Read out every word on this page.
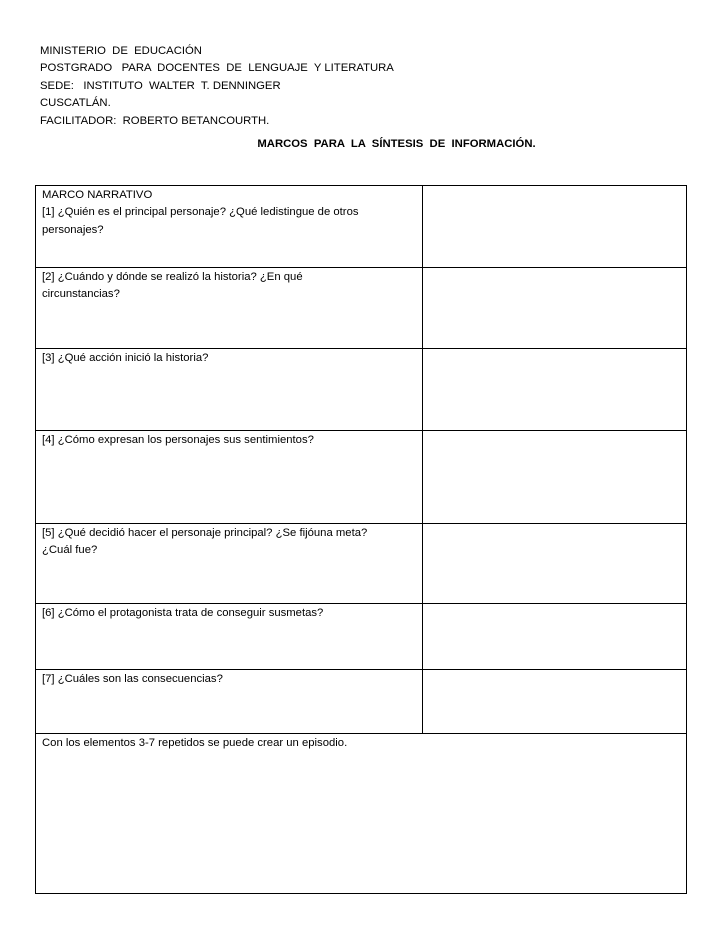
MINISTERIO  DE  EDUCACIÓN
POSTGRADO   PARA  DOCENTES  DE  LENGUAJE  Y LITERATURA
SEDE:   INSTITUTO  WALTER  T. DENNINGER
CUSCATLÁN.
FACILITADOR:  ROBERTO BETANCOURTH.
MARCOS  PARA  LA  SÍNTESIS  DE  INFORMACIÓN.
MARCO NARRATIVO
[1] ¿Quién es el principal personaje? ¿Qué ledistingue de otros
personajes?
[2] ¿Cuándo y dónde se realizó la historia? ¿En qué
circunstancias?
[3] ¿Qué acción inició la historia?
[4] ¿Cómo expresan los personajes sus sentimientos?
[5] ¿Qué decidió hacer el personaje principal? ¿Se fijóuna meta?
¿Cuál fue?
[6] ¿Cómo el protagonista trata de conseguir susmetas?
[7] ¿Cuáles son las consecuencias?
Con los elementos 3-7 repetidos se puede crear un episodio.
